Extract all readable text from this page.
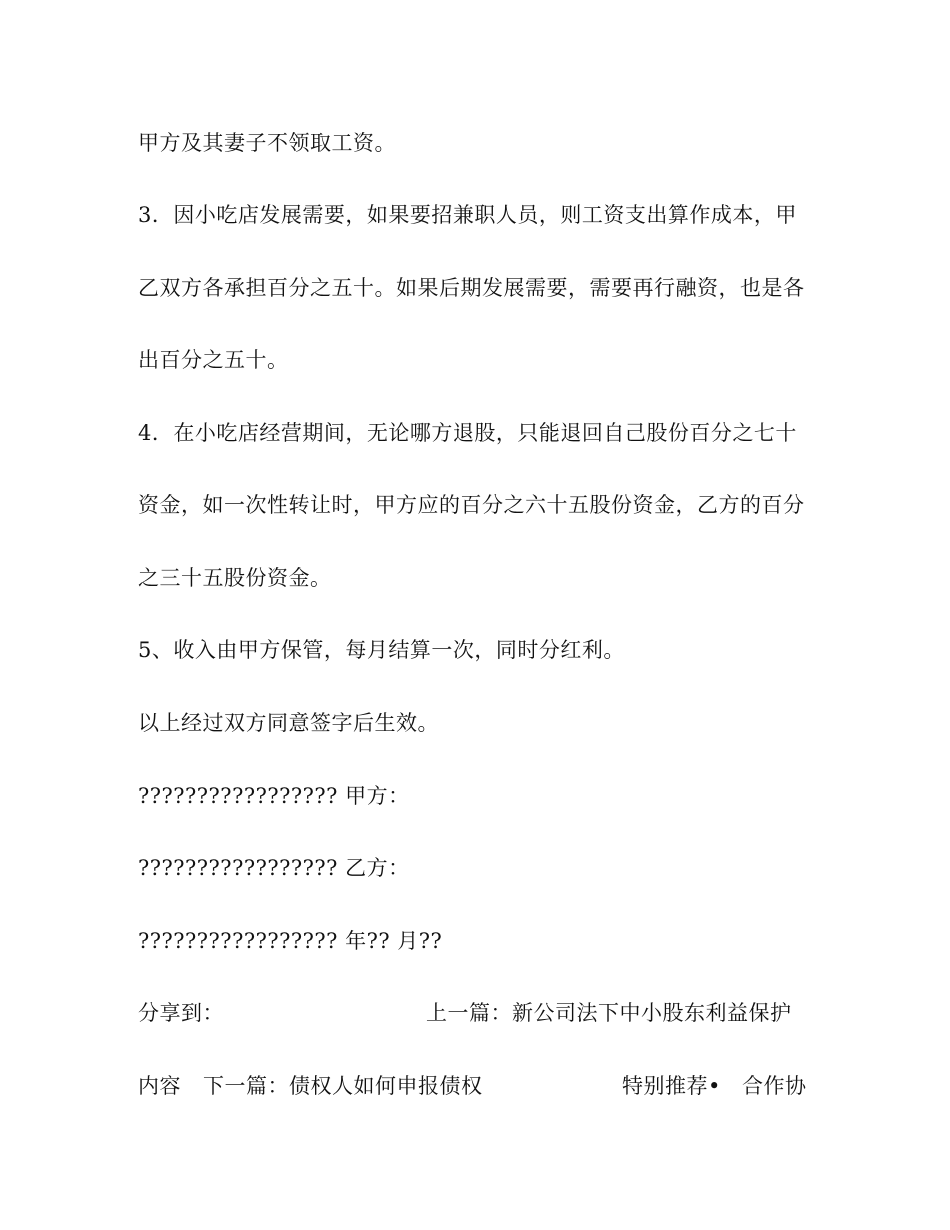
甲方及其妻子不领取工资。
3．因小吃店发展需要，如果要招兼职人员，则工资支出算作成本，甲
乙双方各承担百分之五十。如果后期发展需要，需要再行融资，也是各
出百分之五十。
4．在小吃店经营期间，无论哪方退股，只能退回自己股份百分之七十
资金，如一次性转让时，甲方应的百分之六十五股份资金，乙方的百分
之三十五股份资金。
5、收入由甲方保管，每月结算一次，同时分红利。
以上经过双方同意签字后生效。
????????????????? 甲方：
????????????????? 乙方：
????????????????? 年?? 月??
分享到：	上一篇：新公司法下中小股东利益保护
内容 下一篇：债权人如何申报债权	特别推荐• 合作协
